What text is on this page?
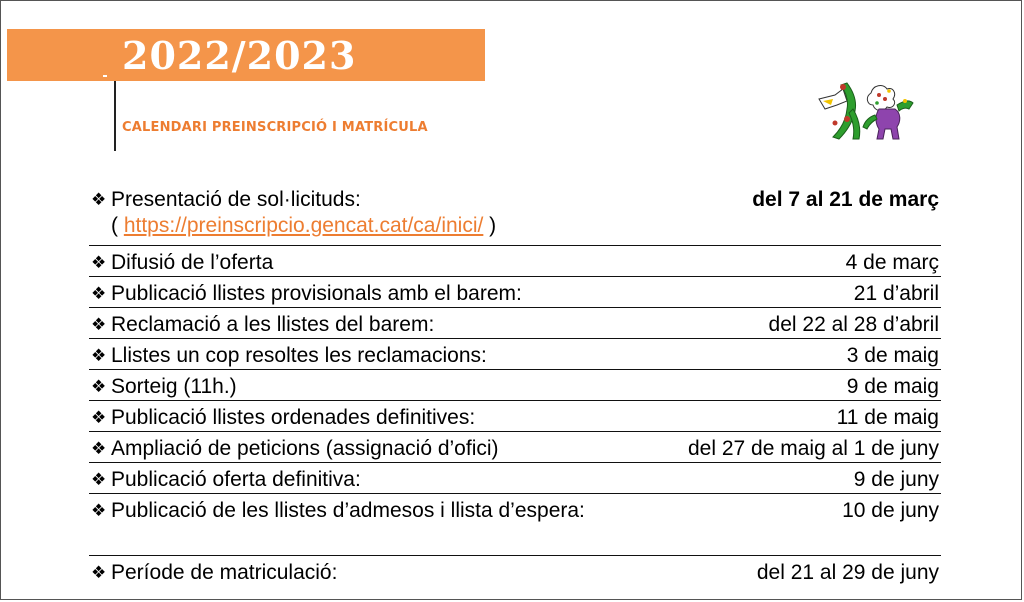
2022/2023
CALENDARI PREINSCRIPCIÓ I MATRÍCULA
❖ Presentació de sol·licituds:
( https://preinscripcio.gencat.cat/ca/inici/ )
del 7 al 21 de març
❖ Difusió de l’oferta	4 de març
❖ Publicació llistes provisionals amb el barem:	21 d’abril
❖ Reclamació a les llistes del barem:	del 22 al 28 d’abril
❖ Llistes un cop resoltes les reclamacions:	3 de maig
❖ Sorteig (11h.)	9 de maig
❖ Publicació llistes ordenades definitives:	11 de maig
❖ Ampliació de peticions (assignació d’ofici)	del 27 de maig al 1 de juny
❖ Publicació oferta definitiva:	9 de juny
❖ Publicació de les llistes d’admesos i llista d’espera:	10 de juny
❖ Període de matriculació:	del 21 al 29 de juny
